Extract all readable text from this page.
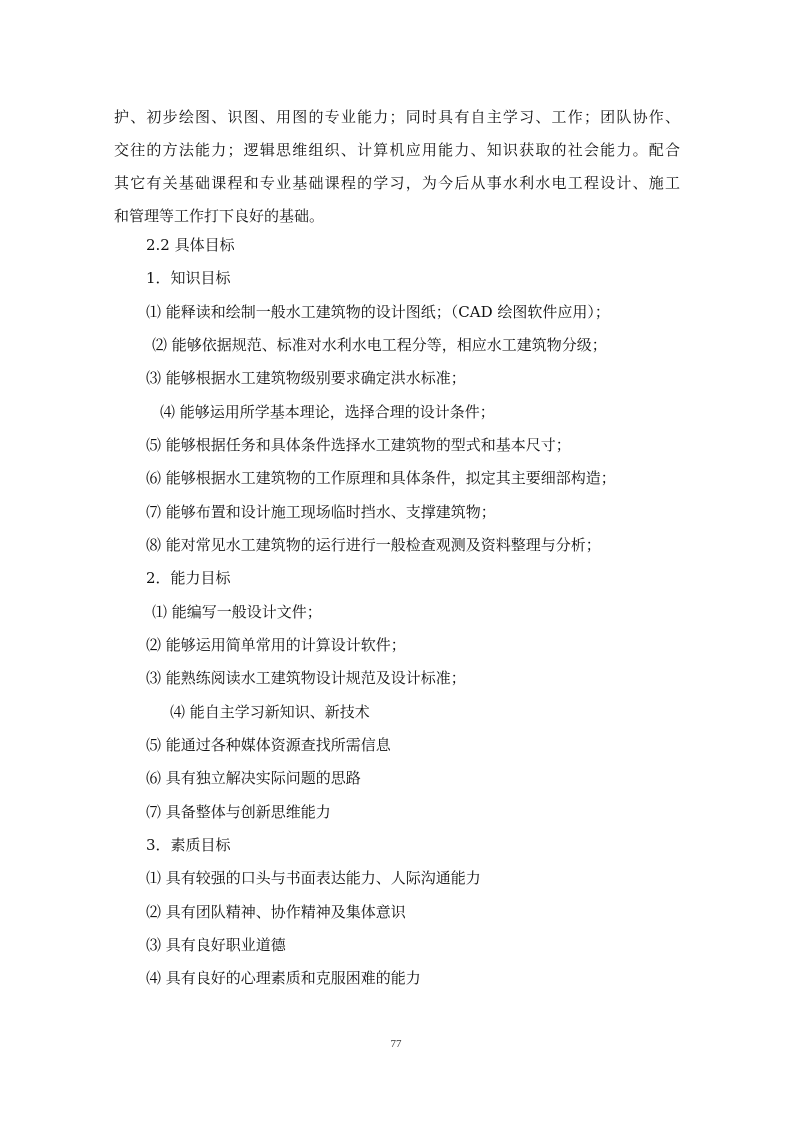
护、初步绘图、识图、用图的专业能力；同时具有自主学习、工作；团队协作、
交往的方法能力；逻辑思维组织、计算机应用能力、知识获取的社会能力。配合
其它有关基础课程和专业基础课程的学习，为今后从事水利水电工程设计、施工
和管理等工作打下良好的基础。
2.2 具体目标
1．知识目标
⑴ 能释读和绘制一般水工建筑物的设计图纸；（CAD 绘图软件应用）；
⑵ 能够依据规范、标准对水利水电工程分等，相应水工建筑物分级；
⑶ 能够根据水工建筑物级别要求确定洪水标准；
⑷ 能够运用所学基本理论，选择合理的设计条件；
⑸ 能够根据任务和具体条件选择水工建筑物的型式和基本尺寸；
⑹ 能够根据水工建筑物的工作原理和具体条件，拟定其主要细部构造；
⑺ 能够布置和设计施工现场临时挡水、支撑建筑物；
⑻ 能对常见水工建筑物的运行进行一般检查观测及资料整理与分析；
2．能力目标
⑴ 能编写一般设计文件；
⑵ 能够运用简单常用的计算设计软件；
⑶ 能熟练阅读水工建筑物设计规范及设计标准；
⑷ 能自主学习新知识、新技术
⑸ 能通过各种媒体资源查找所需信息
⑹ 具有独立解决实际问题的思路
⑺ 具备整体与创新思维能力
3．素质目标
⑴ 具有较强的口头与书面表达能力、人际沟通能力
⑵ 具有团队精神、协作精神及集体意识
⑶ 具有良好职业道德
⑷ 具有良好的心理素质和克服困难的能力
77
